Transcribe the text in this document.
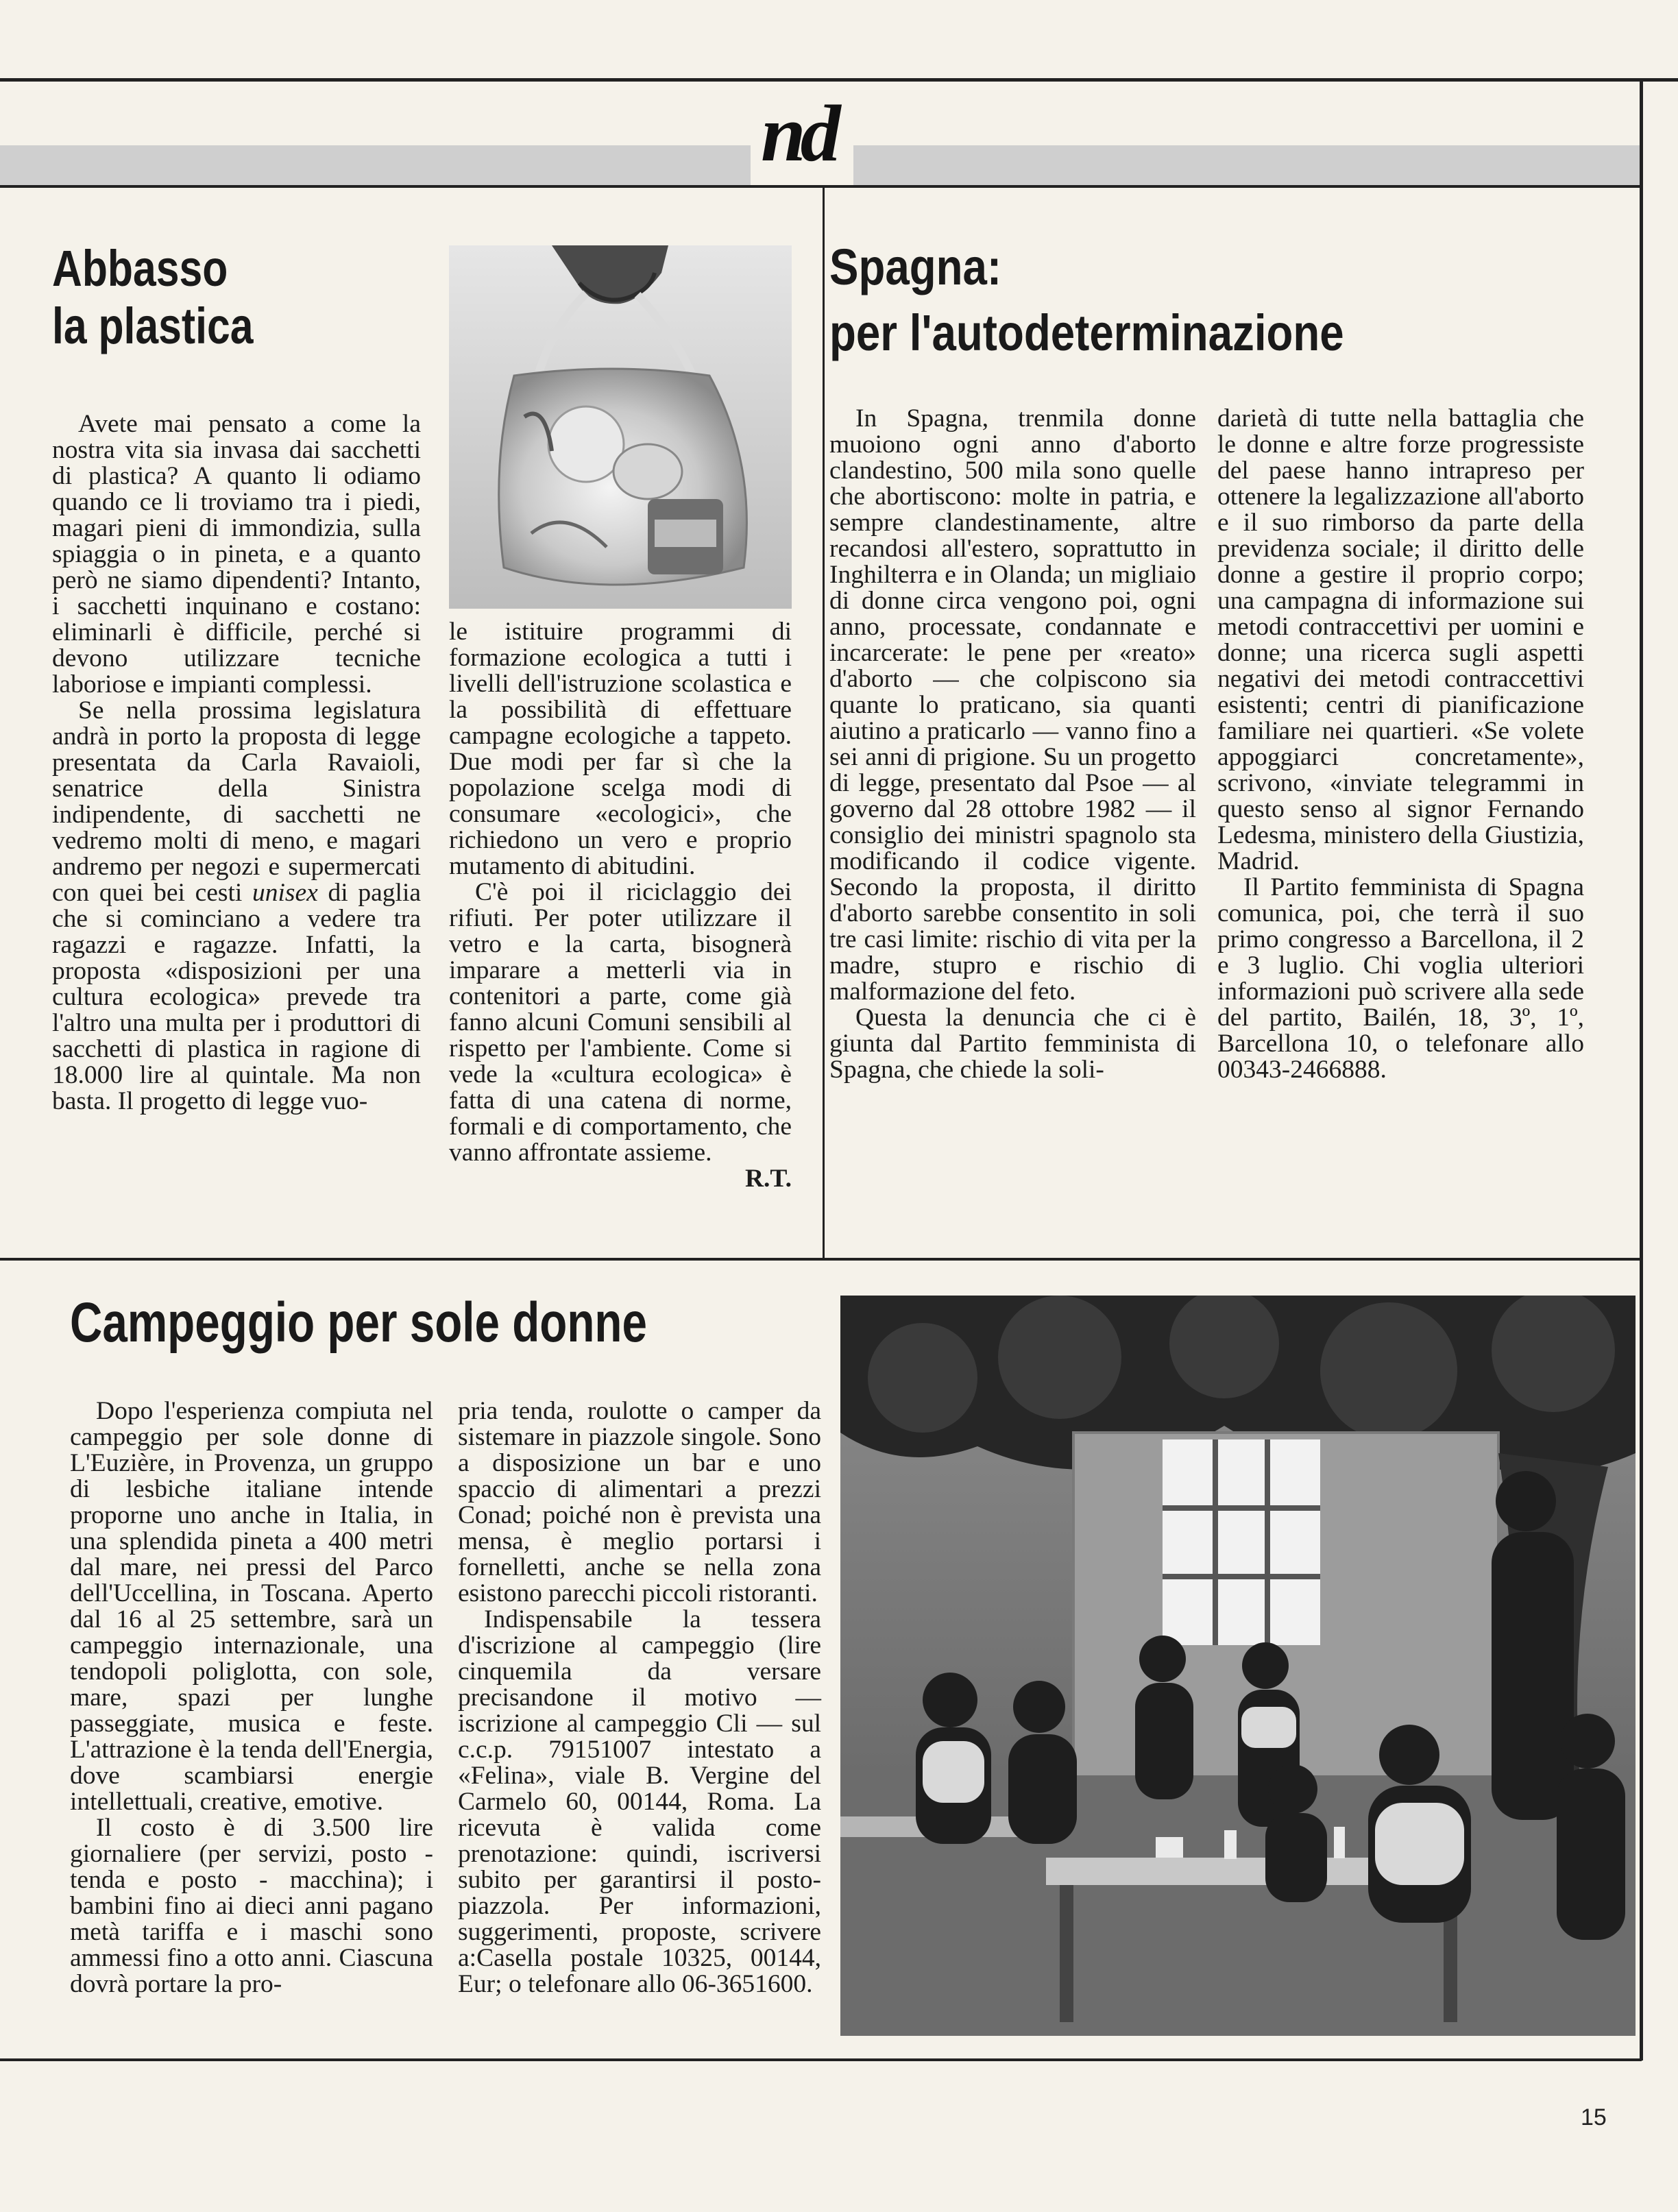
nd
Abbasso
la plastica

Avete mai pensato a come la nostra vita sia invasa dai sacchetti di plastica? A quanto li odiamo quando ce li troviamo tra i piedi, magari pieni di immondizia, sulla spiaggia o in pineta, e a quanto però ne siamo dipendenti? Intanto, i sacchetti inquinano e costano: eliminarli è difficile, perché si devono utilizzare tecniche laboriose e impianti complessi.

Se nella prossima legislatura andrà in porto la proposta di legge presentata da Carla Ravaioli, senatrice della Sinistra indipendente, di sacchetti ne vedremo molti di meno, e magari andremo per negozi e supermercati con quei bei cesti unisex di paglia che si cominciano a vedere tra ragazzi e ragazze. Infatti, la proposta «disposizioni per una cultura ecologica» prevede tra l'altro una multa per i produttori di sacchetti di plastica in ragione di 18.000 lire al quintale. Ma non basta. Il progetto di legge vuo-

le istituire programmi di formazione ecologica a tutti i livelli dell'istruzione scolastica e la possibilità di effettuare campagne ecologiche a tappeto. Due modi per far sì che la popolazione scelga modi di consumare «ecologici», che richiedono un vero e proprio mutamento di abitudini.

C'è poi il riciclaggio dei rifiuti. Per poter utilizzare il vetro e la carta, bisognerà imparare a metterli via in contenitori a parte, come già fanno alcuni Comuni sensibili al rispetto per l'ambiente. Come si vede la «cultura ecologica» è fatta di una catena di norme, formali e di comportamento, che vanno affrontate assieme.

R.T.

Spagna:
per l'autodeterminazione

In Spagna, trenmila donne muoiono ogni anno d'aborto clandestino, 500 mila sono quelle che abortiscono: molte in patria, e sempre clandestinamente, altre recandosi all'estero, soprattutto in Inghilterra e in Olanda; un migliaio di donne circa vengono poi, ogni anno, processate, condannate e incarcerate: le pene per «reato» d'aborto — che colpiscono sia quante lo praticano, sia quanti aiutino a praticarlo — vanno fino a sei anni di prigione. Su un progetto di legge, presentato dal Psoe — al governo dal 28 ottobre 1982 — il consiglio dei ministri spagnolo sta modificando il codice vigente. Secondo la proposta, il diritto d'aborto sarebbe consentito in soli tre casi limite: rischio di vita per la madre, stupro e rischio di malformazione del feto.

Questa la denuncia che ci è giunta dal Partito femminista di Spagna, che chiede la soli-

darietà di tutte nella battaglia che le donne e altre forze progressiste del paese hanno intrapreso per ottenere la legalizzazione all'aborto e il suo rimborso da parte della previdenza sociale; il diritto delle donne a gestire il proprio corpo; una campagna di informazione sui metodi contraccettivi per uomini e donne; una ricerca sugli aspetti negativi dei metodi contraccettivi esistenti; centri di pianificazione familiare nei quartieri. «Se volete appoggiarci concretamente», scrivono, «inviate telegrammi in questo senso al signor Fernando Ledesma, ministero della Giustizia, Madrid.

Il Partito femminista di Spagna comunica, poi, che terrà il suo primo congresso a Barcellona, il 2 e 3 luglio. Chi voglia ulteriori informazioni può scrivere alla sede del partito, Bailén, 18, 3º, 1º, Barcellona 10, o telefonare allo 00343-2466888.

Campeggio per sole donne

Dopo l'esperienza compiuta nel campeggio per sole donne di L'Euzière, in Provenza, un gruppo di lesbiche italiane intende proporne uno anche in Italia, in una splendida pineta a 400 metri dal mare, nei pressi del Parco dell'Uccellina, in Toscana. Aperto dal 16 al 25 settembre, sarà un campeggio internazionale, una tendopoli poliglotta, con sole, mare, spazi per lunghe passeggiate, musica e feste. L'attrazione è la tenda dell'Energia, dove scambiarsi energie intellettuali, creative, emotive.

Il costo è di 3.500 lire giornaliere (per servizi, posto - tenda e posto - macchina); i bambini fino ai dieci anni pagano metà tariffa e i maschi sono ammessi fino a otto anni. Ciascuna dovrà portare la pro-

pria tenda, roulotte o camper da sistemare in piazzole singole. Sono a disposizione un bar e uno spaccio di alimentari a prezzi Conad; poiché non è prevista una mensa, è meglio portarsi i fornelletti, anche se nella zona esistono parecchi piccoli ristoranti.

Indispensabile la tessera d'iscrizione al campeggio (lire cinquemila da versare precisandone il motivo — iscrizione al campeggio Cli — sul c.c.p. 79151007 intestato a «Felina», viale B. Vergine del Carmelo 60, 00144, Roma. La ricevuta è valida come prenotazione: quindi, iscriversi subito per garantirsi il posto-piazzola. Per informazioni, suggerimenti, proposte, scrivere a:Casella postale 10325, 00144, Eur; o telefonare allo 06-3651600.

15
